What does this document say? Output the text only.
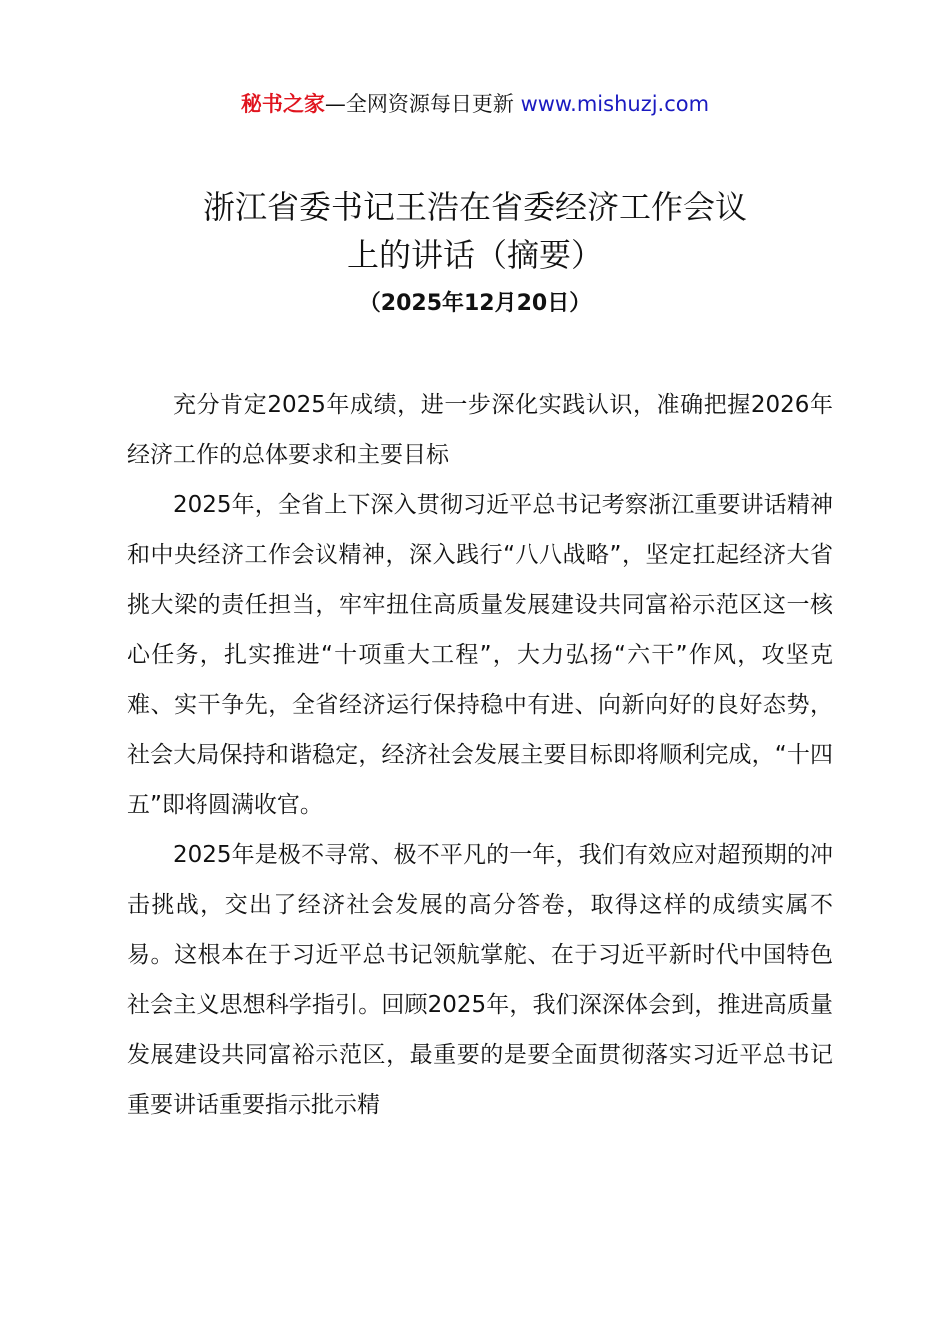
秘书之家—全网资源每日更新 www.mishuzj.com
浙江省委书记王浩在省委经济工作会议
上的讲话（摘要）
（2025年12月20日）

充分肯定2025年成绩，进一步深化实践认识，准确把握2026年经济工作的总体要求和主要目标

2025年，全省上下深入贯彻习近平总书记考察浙江重要讲话精神和中央经济工作会议精神，深入践行“八八战略”，坚定扛起经济大省挑大梁的责任担当，牢牢扭住高质量发展建设共同富裕示范区这一核心任务，扎实推进“十项重大工程”，大力弘扬“六干”作风，攻坚克难、实干争先，全省经济运行保持稳中有进、向新向好的良好态势，社会大局保持和谐稳定，经济社会发展主要目标即将顺利完成，“十四五”即将圆满收官。

2025年是极不寻常、极不平凡的一年，我们有效应对超预期的冲击挑战，交出了经济社会发展的高分答卷，取得这样的成绩实属不易。这根本在于习近平总书记领航掌舵、在于习近平新时代中国特色社会主义思想科学指引。回顾2025年，我们深深体会到，推进高质量发展建设共同富裕示范区，最重要的是要全面贯彻落实习近平总书记重要讲话重要指示批示精
